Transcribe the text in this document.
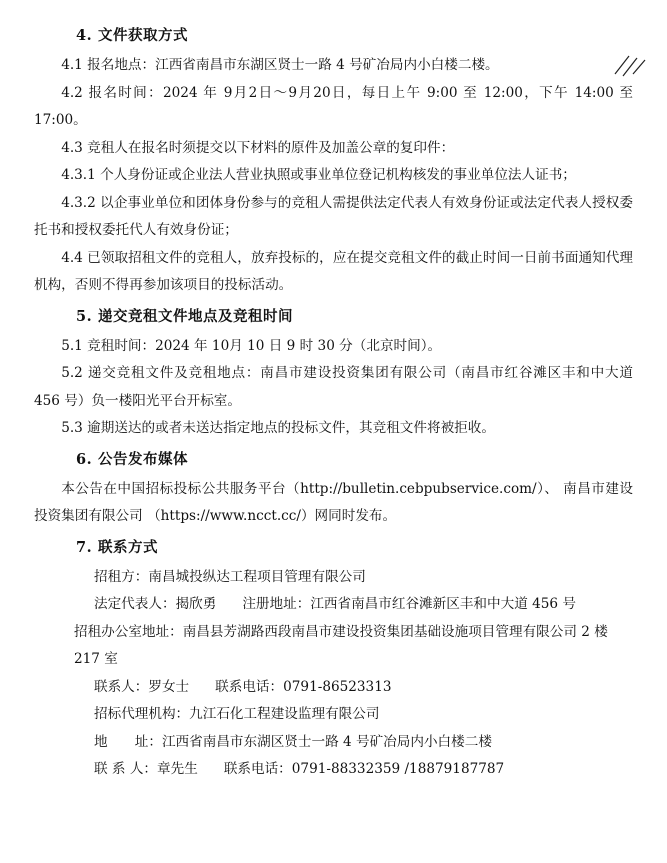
4. 文件获取方式

4.1 报名地点：江西省南昌市东湖区贤士一路 4 号矿冶局内小白楼二楼。

4.2 报名时间：2024 年 9月2日～9月20日，每日上午 9:00 至 12:00，下午 14:00 至 17:00。

4.3 竞租人在报名时须提交以下材料的原件及加盖公章的复印件：

4.3.1 个人身份证或企业法人营业执照或事业单位登记机构核发的事业单位法人证书；

4.3.2 以企事业单位和团体身份参与的竞租人需提供法定代表人有效身份证或法定代表人授权委托书和授权委托代人有效身份证；

4.4 已领取招租文件的竞租人，放弃投标的，应在提交竞租文件的截止时间一日前书面通知代理机构，否则不得再参加该项目的投标活动。

5. 递交竞租文件地点及竞租时间

5.1 竞租时间：2024 年 10月 10 日 9 时 30 分（北京时间）。

5.2 递交竞租文件及竞租地点：南昌市建设投资集团有限公司（南昌市红谷滩区丰和中大道 456 号）负一楼阳光平台开标室。

5.3 逾期送达的或者未送达指定地点的投标文件，其竞租文件将被拒收。

6. 公告发布媒体

本公告在中国招标投标公共服务平台（http://bulletin.cebpubservice.com/）、 南昌市建设投资集团有限公司 （https://www.ncct.cc/）网同时发布。

7. 联系方式
招租方：南昌城投纵达工程项目管理有限公司
法定代表人：揭欣勇 注册地址：江西省南昌市红谷滩新区丰和中大道 456 号
招租办公室地址：南昌县芳湖路西段南昌市建设投资集团基础设施项目管理有限公司 2 楼 217 室
联系人：罗女士 联系电话：0791-86523313
招标代理机构：九江石化工程建设监理有限公司
地　　址：江西省南昌市东湖区贤士一路 4 号矿冶局内小白楼二楼
联 系 人：章先生 联系电话：0791-88332359 /18879187787
